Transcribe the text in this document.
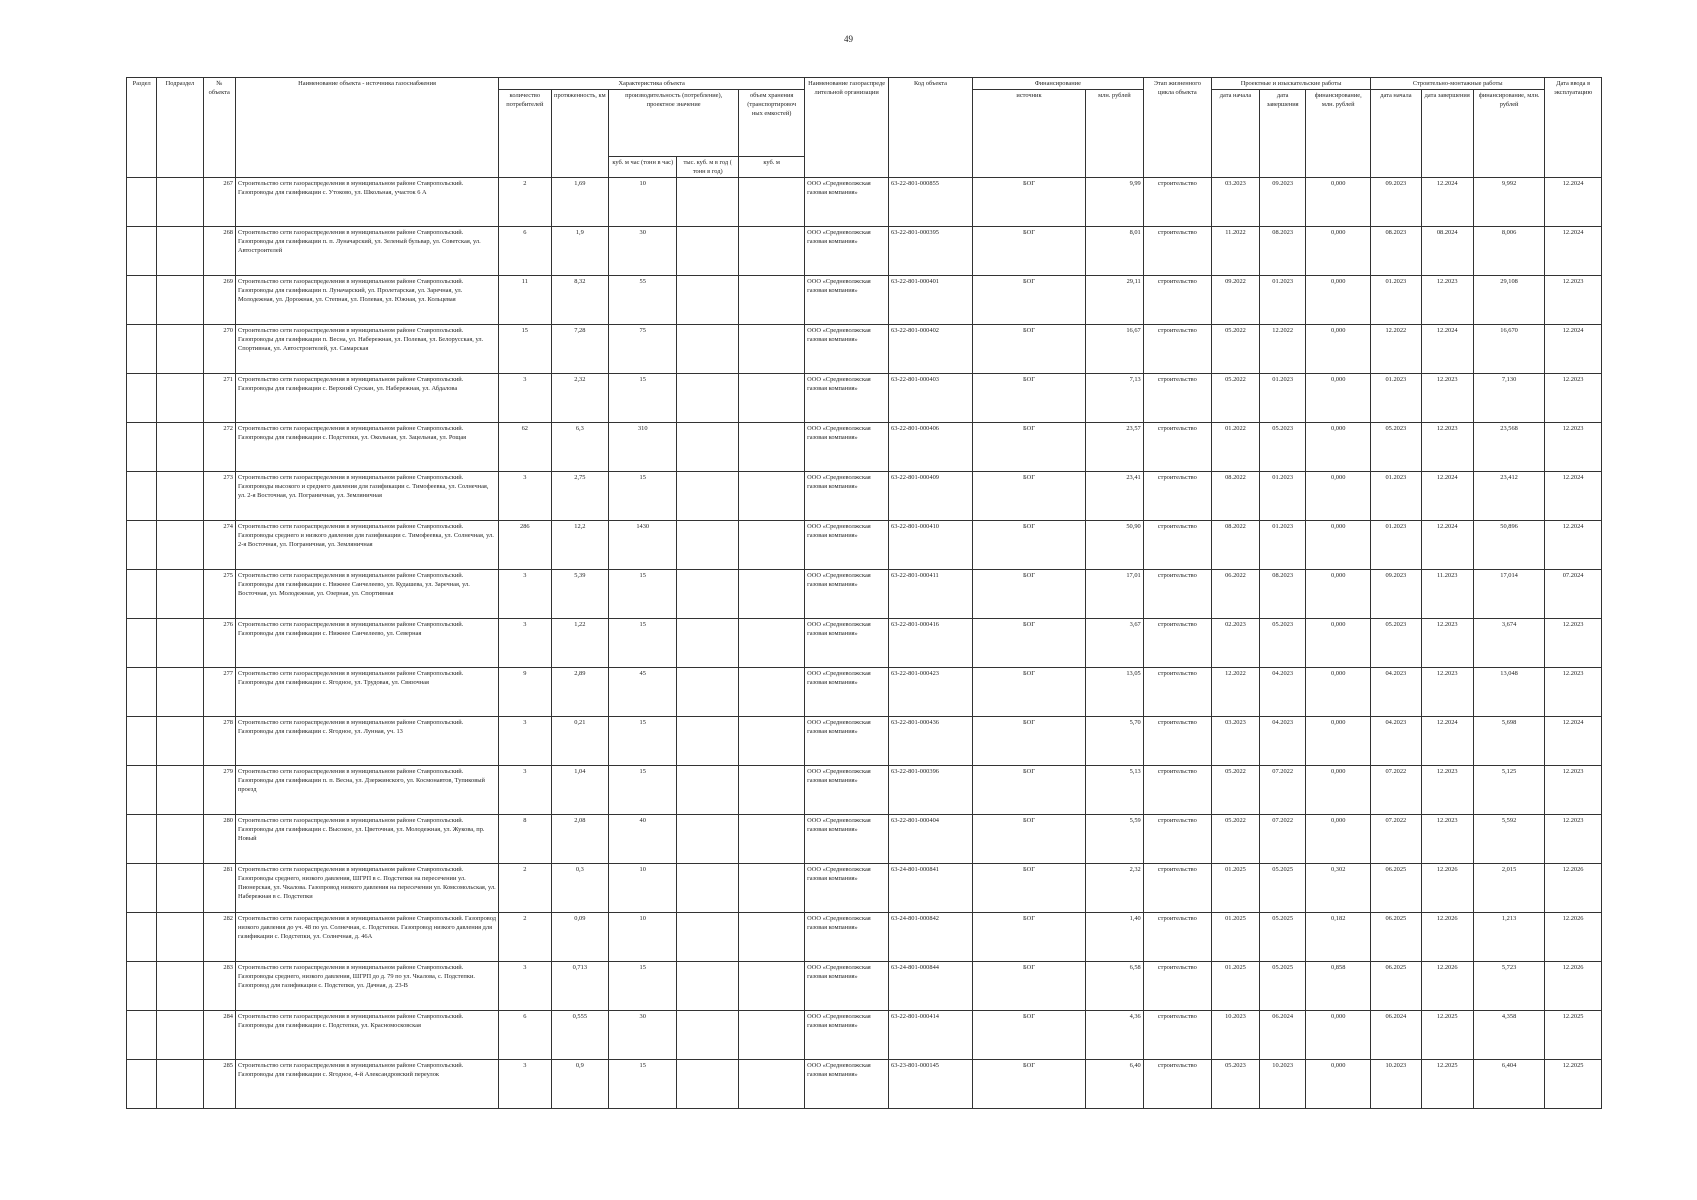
49
Раздел	Подраздел	№ объекта	Наименование объекта - источника газоснабжения	Характеристика объекта					Наименование газораспреде лительной организации	Код объекта	Финансирование		Этап жизненного цикла объекта	Проектные и изыскательские работы			Строительно-монтажные работы			Дата ввода в эксплуатацию
				количество потребителей	протяженность, км	производительность (потребление), проектное значение		объем хранения (транспортировоч ных емкостей)			источник	млн. рублей		дата начала	дата завершения	финансирование, млн. рублей	дата начала	дата завершения	финансирование, млн. рублей	
						куб. м час (тонн в час)	тыс. куб. м в год ( тонн в год)	куб. м												
		267	Строительство сети газораспределения в муниципальном районе Ставропольский. Газопроводы для газификации с. Утоково, ул. Школьная, участок 6 А	2	1,69	10			ООО «Средневолжская газовая компания»	63-22-801-000855	БОГ	9,99	строительство	03.2023	09.2023	0,000	09.2023	12.2024	9,992	12.2024
		268	Строительство сети газораспределения в муниципальном районе Ставропольский. Газопроводы для газификации п. п. Луначарский, ул. Зеленый бульвар, ул. Советская, ул. Автостроителей	6	1,9	30			ООО «Средневолжская газовая компания»	63-22-801-000395	БОГ	8,01	строительство	11.2022	08.2023	0,000	08.2023	08.2024	8,006	12.2024
		269	Строительство сети газораспределения в муниципальном районе Ставропольский. Газопроводы для газификации п. Луначарский, ул. Пролетарская, ул. Заречная, ул. Молодежная, ул. Дорожная, ул. Степная, ул. Полевая, ул. Южная, ул. Кольцевая	11	8,32	55			ООО «Средневолжская газовая компания»	63-22-801-000401	БОГ	29,11	строительство	09.2022	01.2023	0,000	01.2023	12.2023	29,108	12.2023
		270	Строительство сети газораспределения в муниципальном районе Ставропольский. Газопроводы для газификации п. Весна, ул. Набережная, ул. Полевая, ул. Белорусская, ул. Спортивная, ул. Автостроителей, ул. Самарская	15	7,28	75			ООО «Средневолжская газовая компания»	63-22-801-000402	БОГ	16,67	строительство	05.2022	12.2022	0,000	12.2022	12.2024	16,670	12.2024
		271	Строительство сети газораспределения в муниципальном районе Ставропольский. Газопроводы для газификации с. Верхний Сускан, ул. Набережная, ул. Абдалова	3	2,32	15			ООО «Средневолжская газовая компания»	63-22-801-000403	БОГ	7,13	строительство	05.2022	01.2023	0,000	01.2023	12.2023	7,130	12.2023
		272	Строительство сети газораспределения в муниципальном районе Ставропольский. Газопроводы для газификации с. Подстепки, ул. Окольная, ул. Зацельная, ул. Рощая	62	6,3	310			ООО «Средневолжская газовая компания»	63-22-801-000406	БОГ	23,57	строительство	01.2022	05.2023	0,000	05.2023	12.2023	23,568	12.2023
		273	Строительство сети газораспределения в муниципальном районе Ставропольский. Газопроводы высокого и среднего давления для газификации с. Тимофеевка, ул. Солнечная, ул. 2-я Восточная, ул. Пограничная, ул. Земляничная	3	2,75	15			ООО «Средневолжская газовая компания»	63-22-801-000409	БОГ	23,41	строительство	08.2022	01.2023	0,000	01.2023	12.2024	23,412	12.2024
		274	Строительство сети газораспределения в муниципальном районе Ставропольский. Газопроводы среднего и низкого давления для газификации с. Тимофеевка, ул. Солнечная, ул. 2-я Восточная, ул. Пограничная, ул. Земляничная	286	12,2	1430			ООО «Средневолжская газовая компания»	63-22-801-000410	БОГ	50,90	строительство	08.2022	01.2023	0,000	01.2023	12.2024	50,896	12.2024
		275	Строительство сети газораспределения в муниципальном районе Ставропольский. Газопроводы для газификации с. Нижнее Санчелеево, ул. Кудашева, ул. Заречная, ул. Восточная, ул. Молодежная, ул. Озерная, ул. Спортивная	3	5,39	15			ООО «Средневолжская газовая компания»	63-22-801-000411	БОГ	17,01	строительство	06.2022	08.2023	0,000	09.2023	11.2023	17,014	07.2024
		276	Строительство сети газораспределения в муниципальном районе Ставропольский. Газопроводы для газификации с. Нижнее Санчелеево, ул. Северная	3	1,22	15			ООО «Средневолжская газовая компания»	63-22-801-000416	БОГ	3,67	строительство	02.2023	05.2023	0,000	05.2023	12.2023	3,674	12.2023
		277	Строительство сети газораспределения в муниципальном районе Ставропольский. Газопроводы для газификации с. Ягодное, ул. Трудовая, ул. Связочная	9	2,89	45			ООО «Средневолжская газовая компания»	63-22-801-000423	БОГ	13,05	строительство	12.2022	04.2023	0,000	04.2023	12.2023	13,048	12.2023
		278	Строительство сети газораспределения в муниципальном районе Ставропольский. Газопроводы для газификации с. Ягодное, ул. Лунная, уч. 13	3	0,21	15			ООО «Средневолжская газовая компания»	63-22-801-000436	БОГ	5,70	строительство	03.2023	04.2023	0,000	04.2023	12.2024	5,698	12.2024
		279	Строительство сети газораспределения в муниципальном районе Ставропольский. Газопроводы для газификации п. п. Весна, ул. Дзержинского, ул. Космонавтов, Тупиковый проезд	3	1,04	15			ООО «Средневолжская газовая компания»	63-22-801-000396	БОГ	5,13	строительство	05.2022	07.2022	0,000	07.2022	12.2023	5,125	12.2023
		280	Строительство сети газораспределения в муниципальном районе Ставропольский. Газопроводы для газификации с. Высокое, ул. Цветочная, ул. Молодежная, ул. Жукова, пр. Новый	8	2,08	40			ООО «Средневолжская газовая компания»	63-22-801-000404	БОГ	5,59	строительство	05.2022	07.2022	0,000	07.2022	12.2023	5,592	12.2023
		281	Строительство сети газораспределения в муниципальном районе Ставропольский. Газопроводы среднего, низкого давления, ШГРП в с. Подстепки на пересечении ул. Пионерская, ул. Чкалова. Газопровод низкого давления на пересечении ул. Комсомольская, ул. Набережная в с. Подстепки	2	0,3	10			ООО «Средневолжская газовая компания»	63-24-801-000841	БОГ	2,32	строительство	01.2025	05.2025	0,302	06.2025	12.2026	2,015	12.2026
		282	Строительство сети газораспределения в муниципальном районе Ставропольский. Газопровод низкого давления до уч. 48 по ул. Солнечная, с. Подстепки. Газопровод низкого давления для газификации с. Подстепки, ул. Солнечная, д. 46А	2	0,09	10			ООО «Средневолжская газовая компания»	63-24-801-000842	БОГ	1,40	строительство	01.2025	05.2025	0,182	06.2025	12.2026	1,213	12.2026
		283	Строительство сети газораспределения в муниципальном районе Ставропольский. Газопроводы среднего, низкого давления, ШГРП до д. 79 по ул. Чкалова, с. Подстепки. Газопровод для газификации с. Подстепки, ул. Дачная, д. 23-В	3	0,713	15			ООО «Средневолжская газовая компания»	63-24-801-000844	БОГ	6,58	строительство	01.2025	05.2025	0,858	06.2025	12.2026	5,723	12.2026
		284	Строительство сети газораспределения в муниципальном районе Ставропольский. Газопроводы для газификации с. Подстепки, ул. Красномосковская	6	0,555	30			ООО «Средневолжская газовая компания»	63-22-801-000414	БОГ	4,36	строительство	10.2023	06.2024	0,000	06.2024	12.2025	4,358	12.2025
		285	Строительство сети газораспределения в муниципальном районе Ставропольский. Газопроводы для газификации с. Ягодное, 4-й Александровский переулок	3	0,9	15			ООО «Средневолжская газовая компания»	63-23-801-000145	БОГ	6,40	строительство	05.2023	10.2023	0,000	10.2023	12.2025	6,404	12.2025
